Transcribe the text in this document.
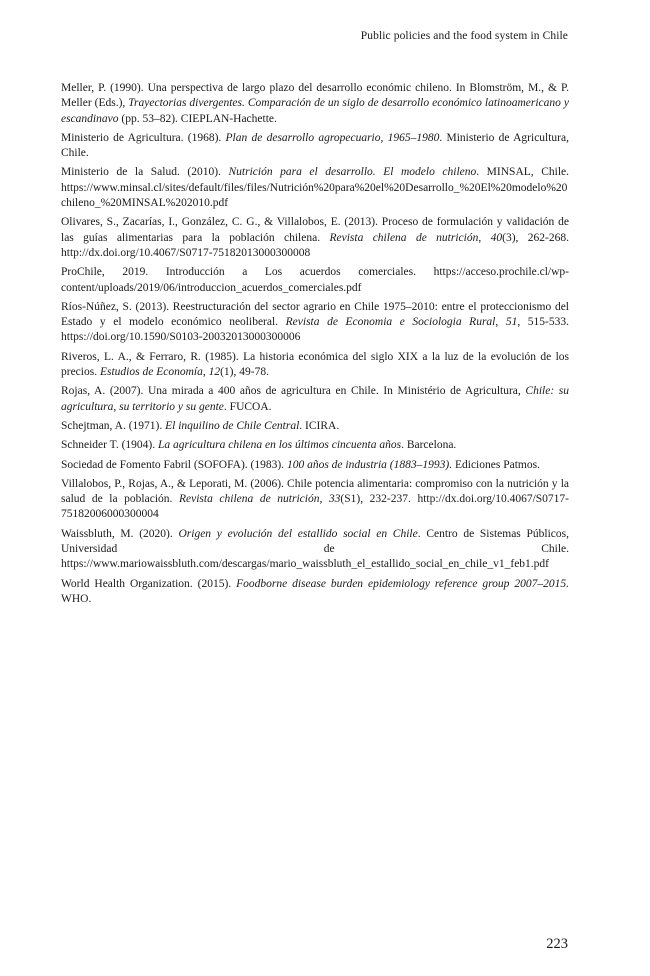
Public policies and the food system in Chile

Meller, P. (1990). Una perspectiva de largo plazo del desarrollo económic chileno. In Blomström, M., & P. Meller (Eds.), Trayectorias divergentes. Comparación de un siglo de desarrollo económico latinoamericano y escandinavo (pp. 53–82). CIEPLAN-Hachette.

Ministerio de Agricultura. (1968). Plan de desarrollo agropecuario, 1965–1980. Ministerio de Agricultura, Chile.

Ministerio de la Salud. (2010). Nutrición para el desarrollo. El modelo chileno. MINSAL, Chile. https://www.minsal.cl/sites/default/files/files/Nutrición%20para%20el%20Desarrollo_%20El%20modelo%20chileno_%20MINSAL%202010.pdf

Olivares, S., Zacarías, I., González, C. G., & Villalobos, E. (2013). Proceso de formulación y validación de las guías alimentarias para la población chilena. Revista chilena de nutrición, 40(3), 262-268. http://dx.doi.org/10.4067/S0717-75182013000300008

ProChile, 2019. Introducción a Los acuerdos comerciales. https://acceso.prochile.cl/wp-content/uploads/2019/06/introduccion_acuerdos_comerciales.pdf

Ríos-Núñez, S. (2013). Reestructuración del sector agrario en Chile 1975–2010: entre el proteccionismo del Estado y el modelo económico neoliberal. Revista de Economia e Sociologia Rural, 51, 515-533. https://doi.org/10.1590/S0103-20032013000300006

Riveros, L. A., & Ferraro, R. (1985). La historia económica del siglo XIX a la luz de la evolución de los precios. Estudios de Economía, 12(1), 49-78.

Rojas, A. (2007). Una mirada a 400 años de agricultura en Chile. In Ministério de Agricultura, Chile: su agricultura, su territorio y su gente. FUCOA.

Schejtman, A. (1971). El inquilino de Chile Central. ICIRA.

Schneider T. (1904). La agricultura chilena en los últimos cincuenta años. Barcelona.

Sociedad de Fomento Fabril (SOFOFA). (1983). 100 años de industria (1883–1993). Ediciones Patmos.

Villalobos, P., Rojas, A., & Leporati, M. (2006). Chile potencia alimentaria: compromiso con la nutrición y la salud de la población. Revista chilena de nutrición, 33(S1), 232-237. http://dx.doi.org/10.4067/S0717-75182006000300004

Waissbluth, M. (2020). Origen y evolución del estallido social en Chile. Centro de Sistemas Públicos, Universidad de Chile. https://www.mariowaissbluth.com/descargas/mario_waissbluth_el_estallido_social_en_chile_v1_feb1.pdf

World Health Organization. (2015). Foodborne disease burden epidemiology reference group 2007–2015. WHO.

223
